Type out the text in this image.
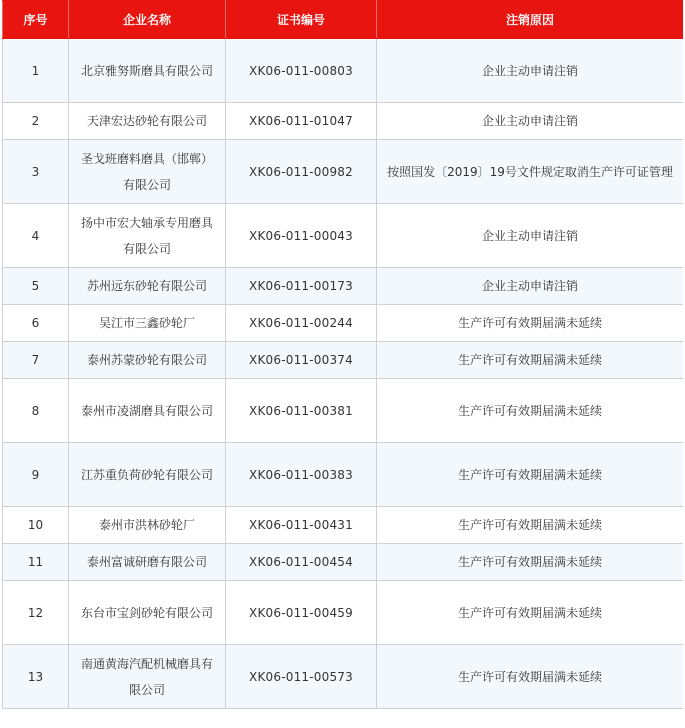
序号	企业名称	证书编号	注销原因
1	北京雅努斯磨具有限公司	XK06-011-00803	企业主动申请注销
2	天津宏达砂轮有限公司	XK06-011-01047	企业主动申请注销
3	圣戈班磨料磨具（邯郸）有限公司	XK06-011-00982	按照国发〔2019〕19号文件规定取消生产许可证管理
4	扬中市宏大轴承专用磨具有限公司	XK06-011-00043	企业主动申请注销
5	苏州远东砂轮有限公司	XK06-011-00173	企业主动申请注销
6	吴江市三鑫砂轮厂	XK06-011-00244	生产许可有效期届满未延续
7	泰州苏蒙砂轮有限公司	XK06-011-00374	生产许可有效期届满未延续
8	泰州市凌湖磨具有限公司	XK06-011-00381	生产许可有效期届满未延续
9	江苏重负荷砂轮有限公司	XK06-011-00383	生产许可有效期届满未延续
10	泰州市洪林砂轮厂	XK06-011-00431	生产许可有效期届满未延续
11	泰州富诚研磨有限公司	XK06-011-00454	生产许可有效期届满未延续
12	东台市宝剑砂轮有限公司	XK06-011-00459	生产许可有效期届满未延续
13	南通黄海汽配机械磨具有限公司	XK06-011-00573	生产许可有效期届满未延续
